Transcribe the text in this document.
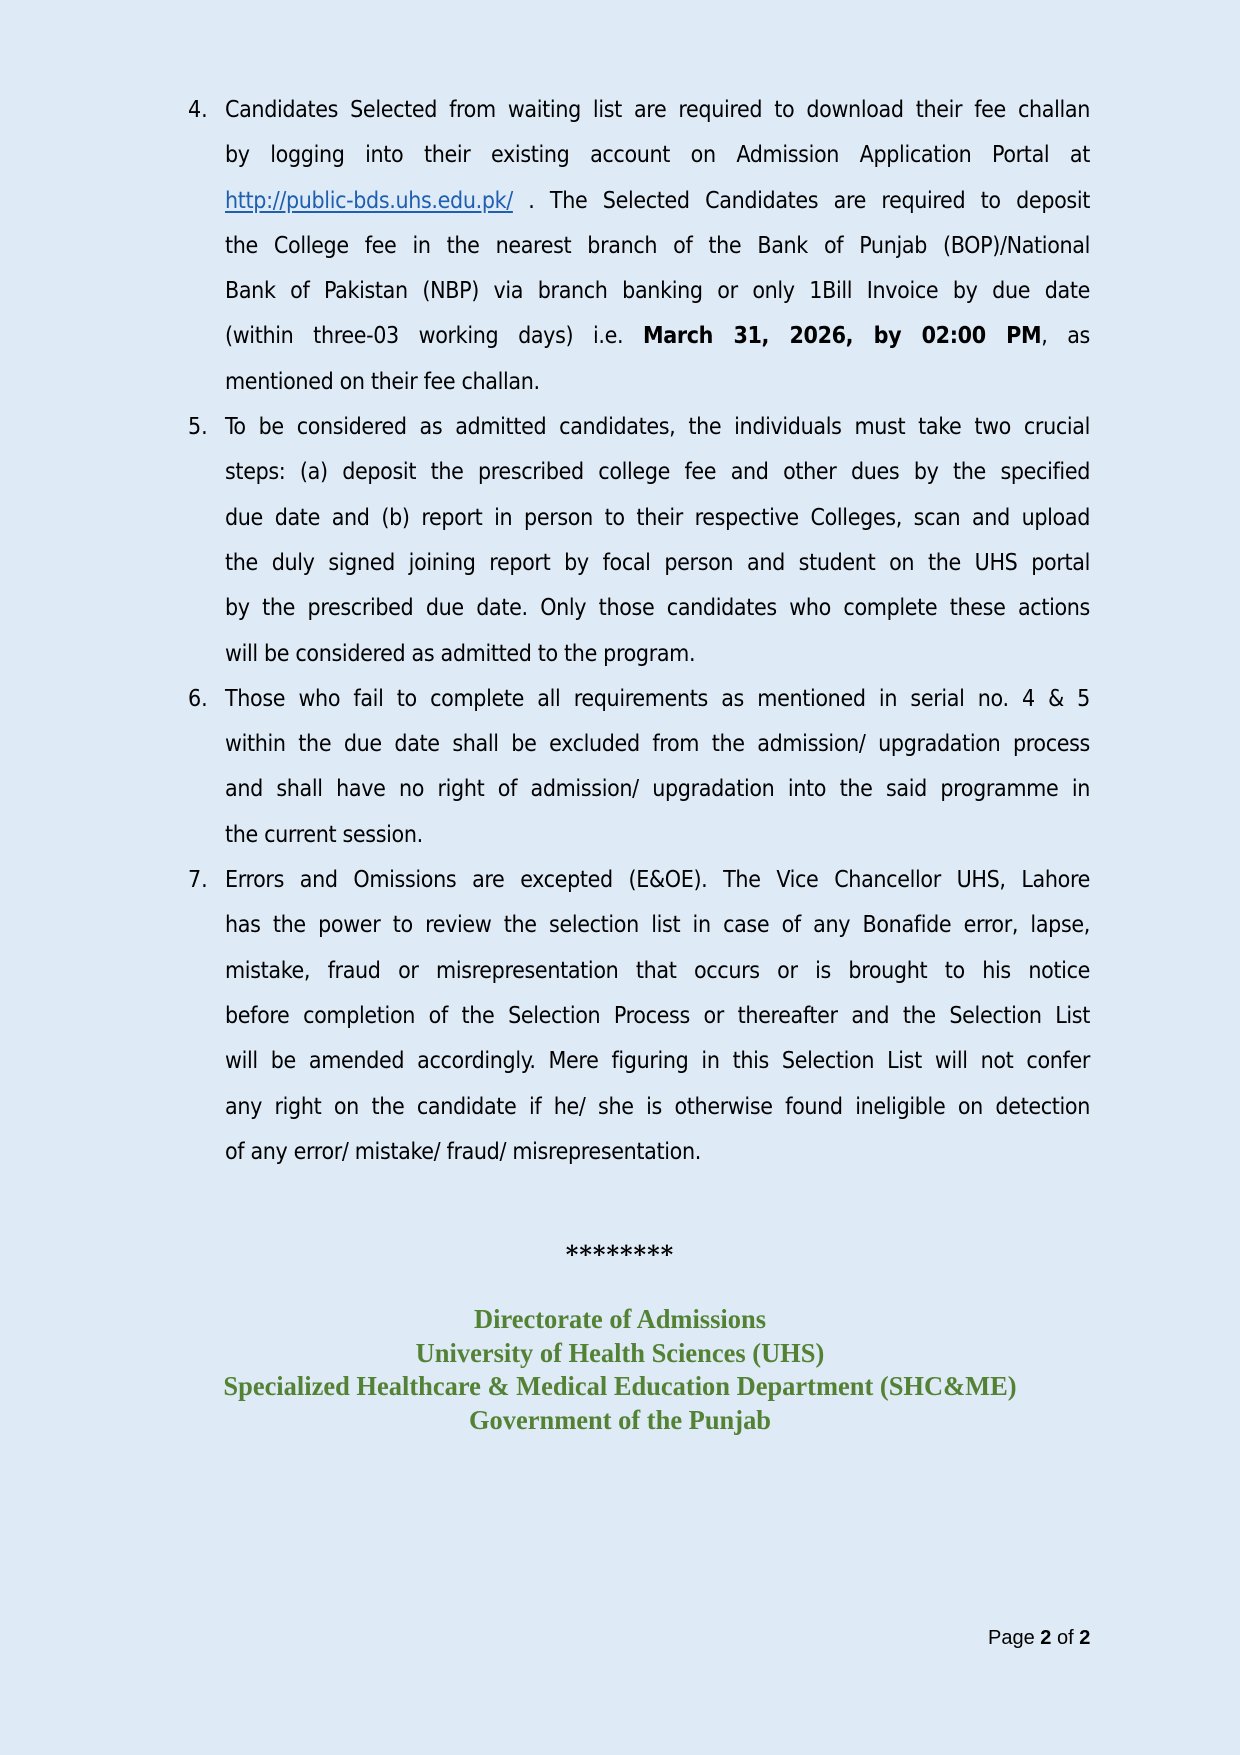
4. Candidates Selected from waiting list are required to download their fee challan
by logging into their existing account on Admission Application Portal at
http://public-bds.uhs.edu.pk/ . The Selected Candidates are required to deposit
the College fee in the nearest branch of the Bank of Punjab (BOP)/National
Bank of Pakistan (NBP) via branch banking or only 1Bill Invoice by due date
(within three-03 working days) i.e. March 31, 2026, by 02:00 PM, as
mentioned on their fee challan.
5. To be considered as admitted candidates, the individuals must take two crucial
steps: (a) deposit the prescribed college fee and other dues by the specified
due date and (b) report in person to their respective Colleges, scan and upload
the duly signed joining report by focal person and student on the UHS portal
by the prescribed due date. Only those candidates who complete these actions
will be considered as admitted to the program.
6. Those who fail to complete all requirements as mentioned in serial no. 4 & 5
within the due date shall be excluded from the admission/ upgradation process
and shall have no right of admission/ upgradation into the said programme in
the current session.
7. Errors and Omissions are excepted (E&OE). The Vice Chancellor UHS, Lahore
has the power to review the selection list in case of any Bonafide error, lapse,
mistake, fraud or misrepresentation that occurs or is brought to his notice
before completion of the Selection Process or thereafter and the Selection List
will be amended accordingly. Mere figuring in this Selection List will not confer
any right on the candidate if he/ she is otherwise found ineligible on detection
of any error/ mistake/ fraud/ misrepresentation.
********
Directorate of Admissions
University of Health Sciences (UHS)
Specialized Healthcare & Medical Education Department (SHC&ME)
Government of the Punjab
Page 2 of 2
